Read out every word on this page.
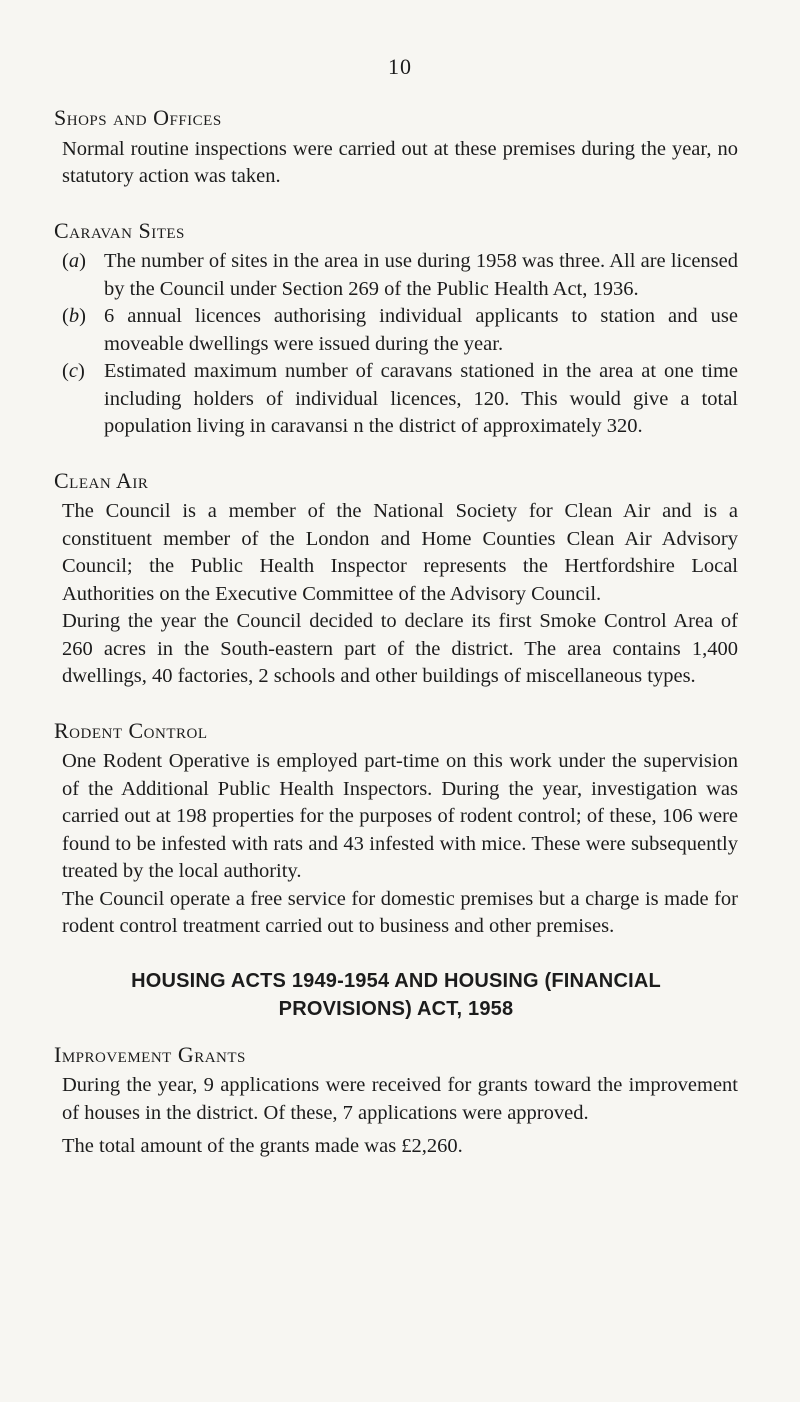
10
Shops and Offices

Normal routine inspections were carried out at these premises during the year, no statutory action was taken.

Caravan Sites
(a) The number of sites in the area in use during 1958 was three. All are licensed by the Council under Section 269 of the Public Health Act, 1936.
(b) 6 annual licences authorising individual applicants to station and use moveable dwellings were issued during the year.
(c) Estimated maximum number of caravans stationed in the area at one time including holders of individual licences, 120. This would give a total population living in caravansi n the district of approximately 320.
Clean Air

The Council is a member of the National Society for Clean Air and is a constituent member of the London and Home Counties Clean Air Advisory Council; the Public Health Inspector represents the Hertfordshire Local Authorities on the Executive Committee of the Advisory Council.

During the year the Council decided to declare its first Smoke Control Area of 260 acres in the South-eastern part of the district. The area contains 1,400 dwellings, 40 factories, 2 schools and other buildings of miscellaneous types.

Rodent Control

One Rodent Operative is employed part-time on this work under the supervision of the Additional Public Health Inspectors. During the year, investigation was carried out at 198 properties for the purposes of rodent control; of these, 106 were found to be infested with rats and 43 infested with mice. These were subsequently treated by the local authority.

The Council operate a free service for domestic premises but a charge is made for rodent control treatment carried out to business and other premises.

HOUSING ACTS 1949-1954 AND HOUSING (FINANCIAL
PROVISIONS) ACT, 1958
Improvement Grants

During the year, 9 applications were received for grants toward the improvement of houses in the district. Of these, 7 applications were approved.

The total amount of the grants made was £2,260.
